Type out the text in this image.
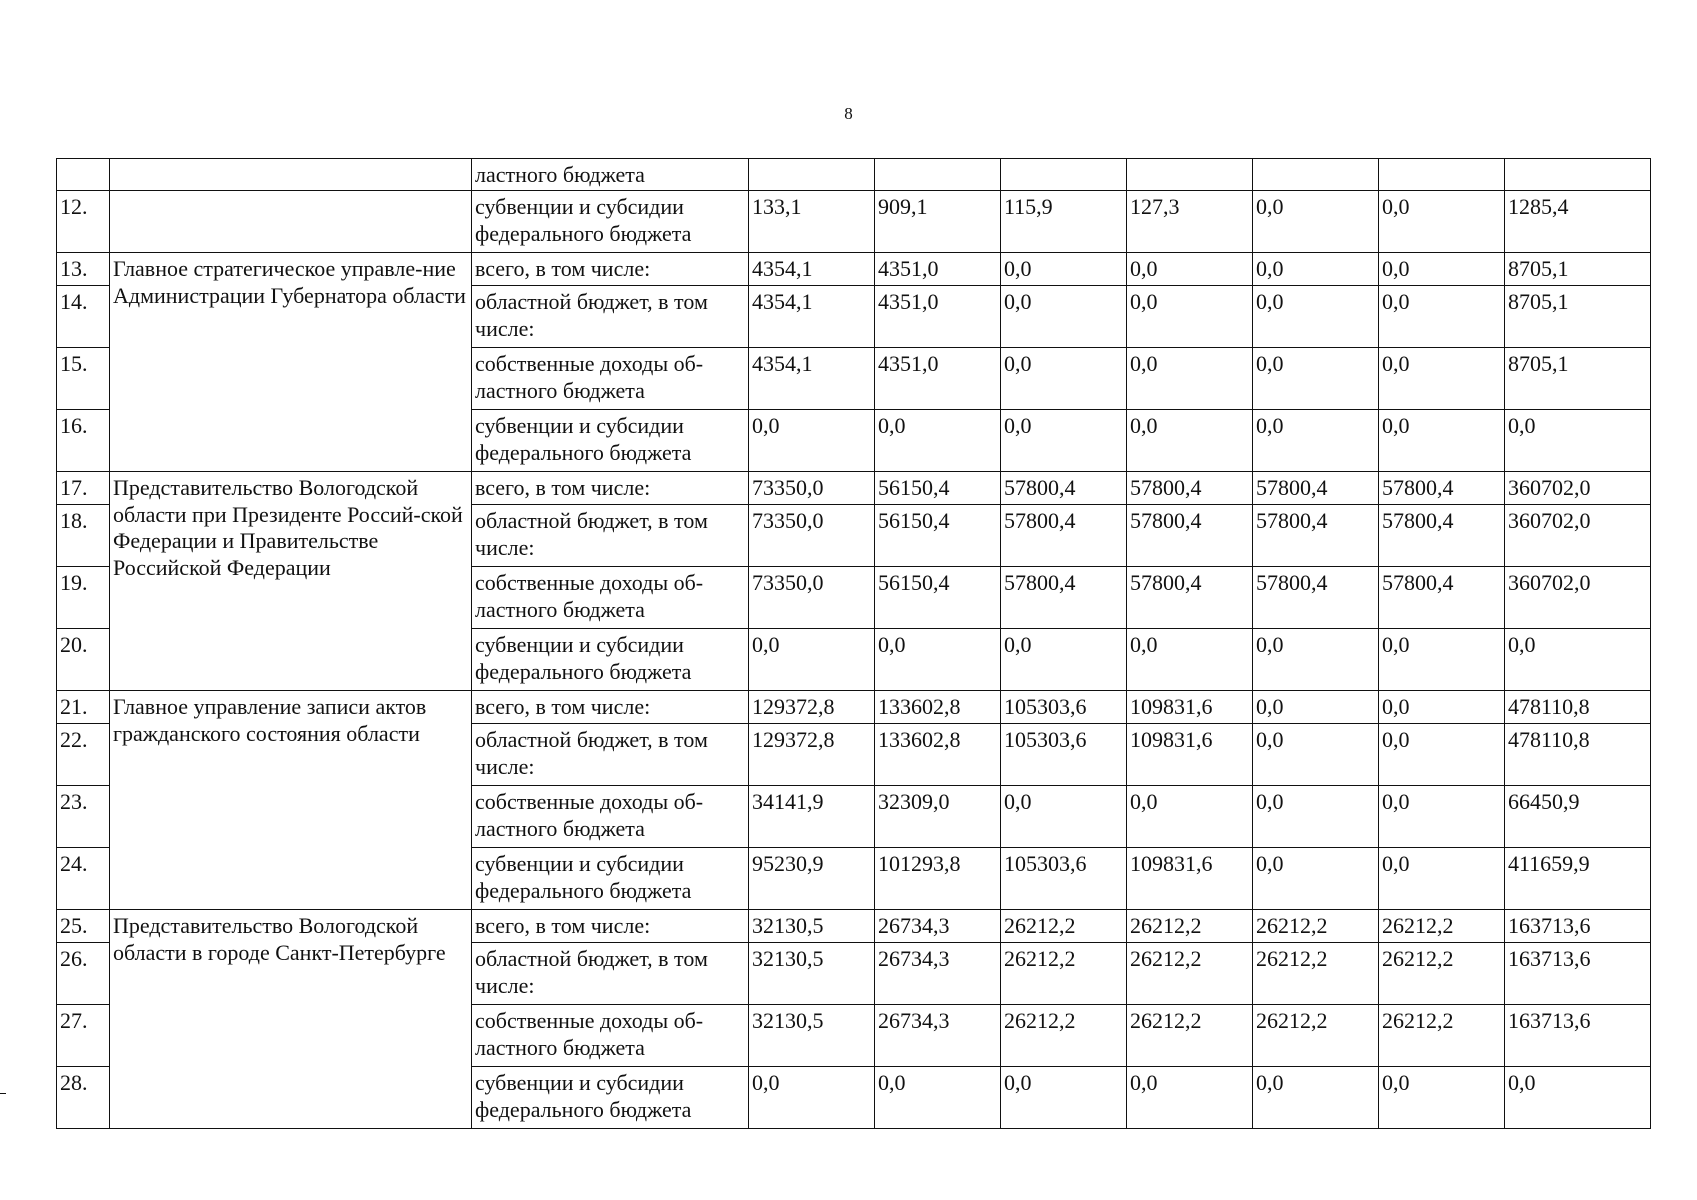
8
		ластного бюджета							
12.		субвенции и субсидии федерального бюджета	133,1	909,1	115,9	127,3	0,0	0,0	1285,4
13.	Главное стратегическое управле-ние Администрации Губернатора области	всего, в том числе:	4354,1	4351,0	0,0	0,0	0,0	0,0	8705,1
14.		областной бюджет, в том числе:	4354,1	4351,0	0,0	0,0	0,0	0,0	8705,1
15.		собственные доходы об-ластного бюджета	4354,1	4351,0	0,0	0,0	0,0	0,0	8705,1
16.		субвенции и субсидии федерального бюджета	0,0	0,0	0,0	0,0	0,0	0,0	0,0
17.	Представительство Вологодской области при Президенте Россий-ской Федерации и Правительстве Российской Федерации	всего, в том числе:	73350,0	56150,4	57800,4	57800,4	57800,4	57800,4	360702,0
18.		областной бюджет, в том числе:	73350,0	56150,4	57800,4	57800,4	57800,4	57800,4	360702,0
19.		собственные доходы об-ластного бюджета	73350,0	56150,4	57800,4	57800,4	57800,4	57800,4	360702,0
20.		субвенции и субсидии федерального бюджета	0,0	0,0	0,0	0,0	0,0	0,0	0,0
21.	Главное управление записи актов гражданского состояния области	всего, в том числе:	129372,8	133602,8	105303,6	109831,6	0,0	0,0	478110,8
22.		областной бюджет, в том числе:	129372,8	133602,8	105303,6	109831,6	0,0	0,0	478110,8
23.		собственные доходы об-ластного бюджета	34141,9	32309,0	0,0	0,0	0,0	0,0	66450,9
24.		субвенции и субсидии федерального бюджета	95230,9	101293,8	105303,6	109831,6	0,0	0,0	411659,9
25.	Представительство Вологодской области в городе Санкт-Петербурге	всего, в том числе:	32130,5	26734,3	26212,2	26212,2	26212,2	26212,2	163713,6
26.		областной бюджет, в том числе:	32130,5	26734,3	26212,2	26212,2	26212,2	26212,2	163713,6
27.		собственные доходы об-ластного бюджета	32130,5	26734,3	26212,2	26212,2	26212,2	26212,2	163713,6
28.		субвенции и субсидии федерального бюджета	0,0	0,0	0,0	0,0	0,0	0,0	0,0
